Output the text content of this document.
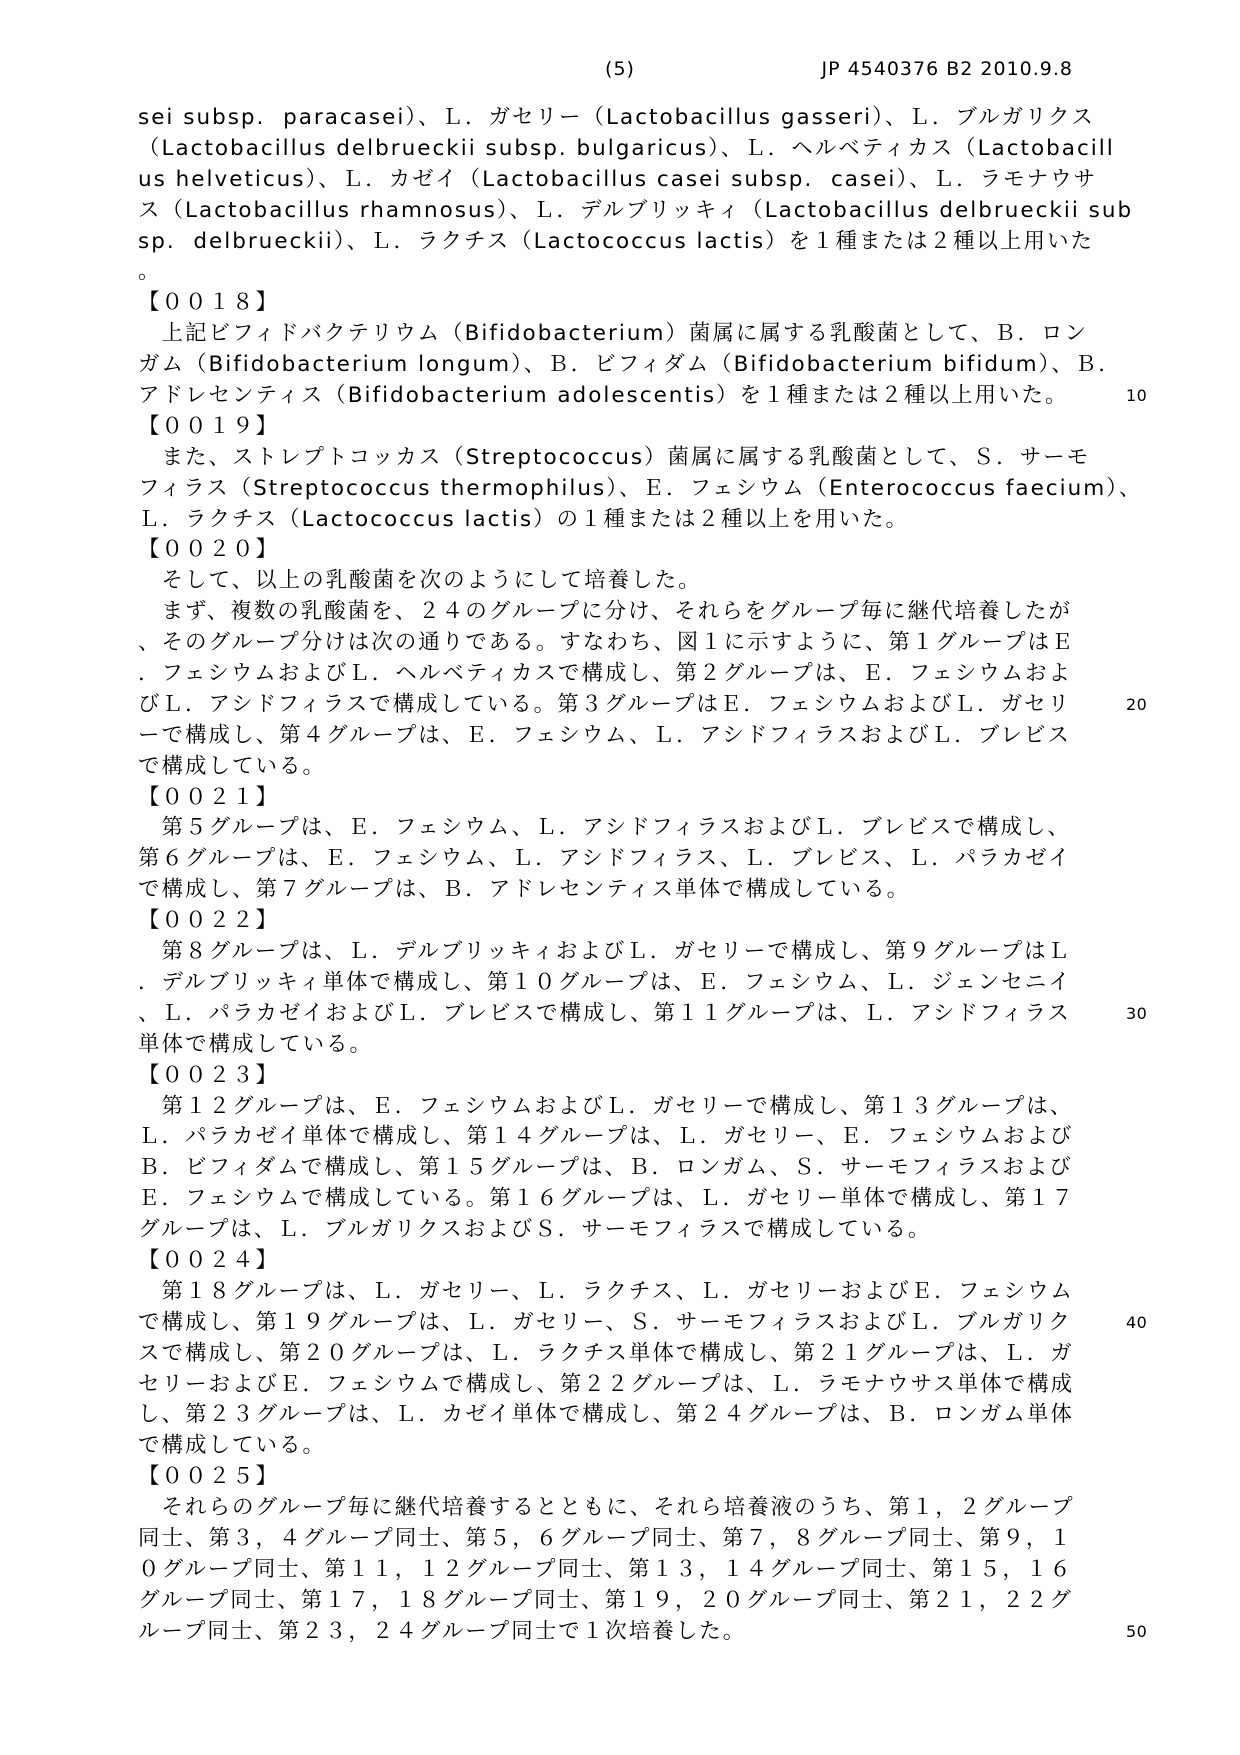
(5)	JP 4540376 B2 2010.9.8
sei subsp.  paracasei）、Ｌ．ガセリー（Lactobacillus gasseri）、Ｌ．ブルガリクス
（Lactobacillus delbrueckii subsp. bulgaricus）、Ｌ．ヘルベティカス（Lactobacill
us helveticus）、Ｌ．カゼイ（Lactobacillus casei subsp.  casei）、Ｌ．ラモナウサ
ス（Lactobacillus rhamnosus）、Ｌ．デルブリッキィ（Lactobacillus delbrueckii sub
sp.  delbrueckii）、Ｌ．ラクチス（Lactococcus lactis）を１種または２種以上用いた
。
【００１８】
　上記ビフィドバクテリウム（Bifidobacterium）菌属に属する乳酸菌として、Ｂ．ロン
ガム（Bifidobacterium longum）、Ｂ．ビフィダム（Bifidobacterium bifidum）、Ｂ．
アドレセンティス（Bifidobacterium adolescentis）を１種または２種以上用いた。
【００１９】
　また、ストレプトコッカス（Streptococcus）菌属に属する乳酸菌として、Ｓ．サーモ
フィラス（Streptococcus thermophilus）、Ｅ．フェシウム（Enterococcus faecium）、
Ｌ．ラクチス（Lactococcus lactis）の１種または２種以上を用いた。
【００２０】
　そして、以上の乳酸菌を次のようにして培養した。
　まず、複数の乳酸菌を、２４のグループに分け、それらをグループ毎に継代培養したが
、そのグループ分けは次の通りである。すなわち、図１に示すように、第１グループはＥ
．フェシウムおよびＬ．ヘルベティカスで構成し、第２グループは、Ｅ．フェシウムおよ
びＬ．アシドフィラスで構成している。第３グループはＥ．フェシウムおよびＬ．ガセリ
ーで構成し、第４グループは、Ｅ．フェシウム、Ｌ．アシドフィラスおよびＬ．ブレビス
で構成している。
【００２１】
　第５グループは、Ｅ．フェシウム、Ｌ．アシドフィラスおよびＬ．ブレビスで構成し、
第６グループは、Ｅ．フェシウム、Ｌ．アシドフィラス、Ｌ．ブレビス、Ｌ．パラカゼイ
で構成し、第７グループは、Ｂ．アドレセンティス単体で構成している。
【００２２】
　第８グループは、Ｌ．デルブリッキィおよびＬ．ガセリーで構成し、第９グループはＬ
．デルブリッキィ単体で構成し、第１０グループは、Ｅ．フェシウム、Ｌ．ジェンセニイ
、Ｌ．パラカゼイおよびＬ．ブレビスで構成し、第１１グループは、Ｌ．アシドフィラス
単体で構成している。
【００２３】
　第１２グループは、Ｅ．フェシウムおよびＬ．ガセリーで構成し、第１３グループは、
Ｌ．パラカゼイ単体で構成し、第１４グループは、Ｌ．ガセリー、Ｅ．フェシウムおよび
Ｂ．ビフィダムで構成し、第１５グループは、Ｂ．ロンガム、Ｓ．サーモフィラスおよび
Ｅ．フェシウムで構成している。第１６グループは、Ｌ．ガセリー単体で構成し、第１７
グループは、Ｌ．ブルガリクスおよびＳ．サーモフィラスで構成している。
【００２４】
　第１８グループは、Ｌ．ガセリー、Ｌ．ラクチス、Ｌ．ガセリーおよびＥ．フェシウム
で構成し、第１９グループは、Ｌ．ガセリー、Ｓ．サーモフィラスおよびＬ．ブルガリク
スで構成し、第２０グループは、Ｌ．ラクチス単体で構成し、第２１グループは、Ｌ．ガ
セリーおよびＥ．フェシウムで構成し、第２２グループは、Ｌ．ラモナウサス単体で構成
し、第２３グループは、Ｌ．カゼイ単体で構成し、第２４グループは、Ｂ．ロンガム単体
で構成している。
【００２５】
　それらのグループ毎に継代培養するとともに、それら培養液のうち、第１，２グループ
同士、第３，４グループ同士、第５，６グループ同士、第７，８グループ同士、第９，１
０グループ同士、第１１，１２グループ同士、第１３，１４グループ同士、第１５，１６
グループ同士、第１７，１８グループ同士、第１９，２０グループ同士、第２１，２２グ
ループ同士、第２３，２４グループ同士で１次培養した。
10
20
30
40
50
